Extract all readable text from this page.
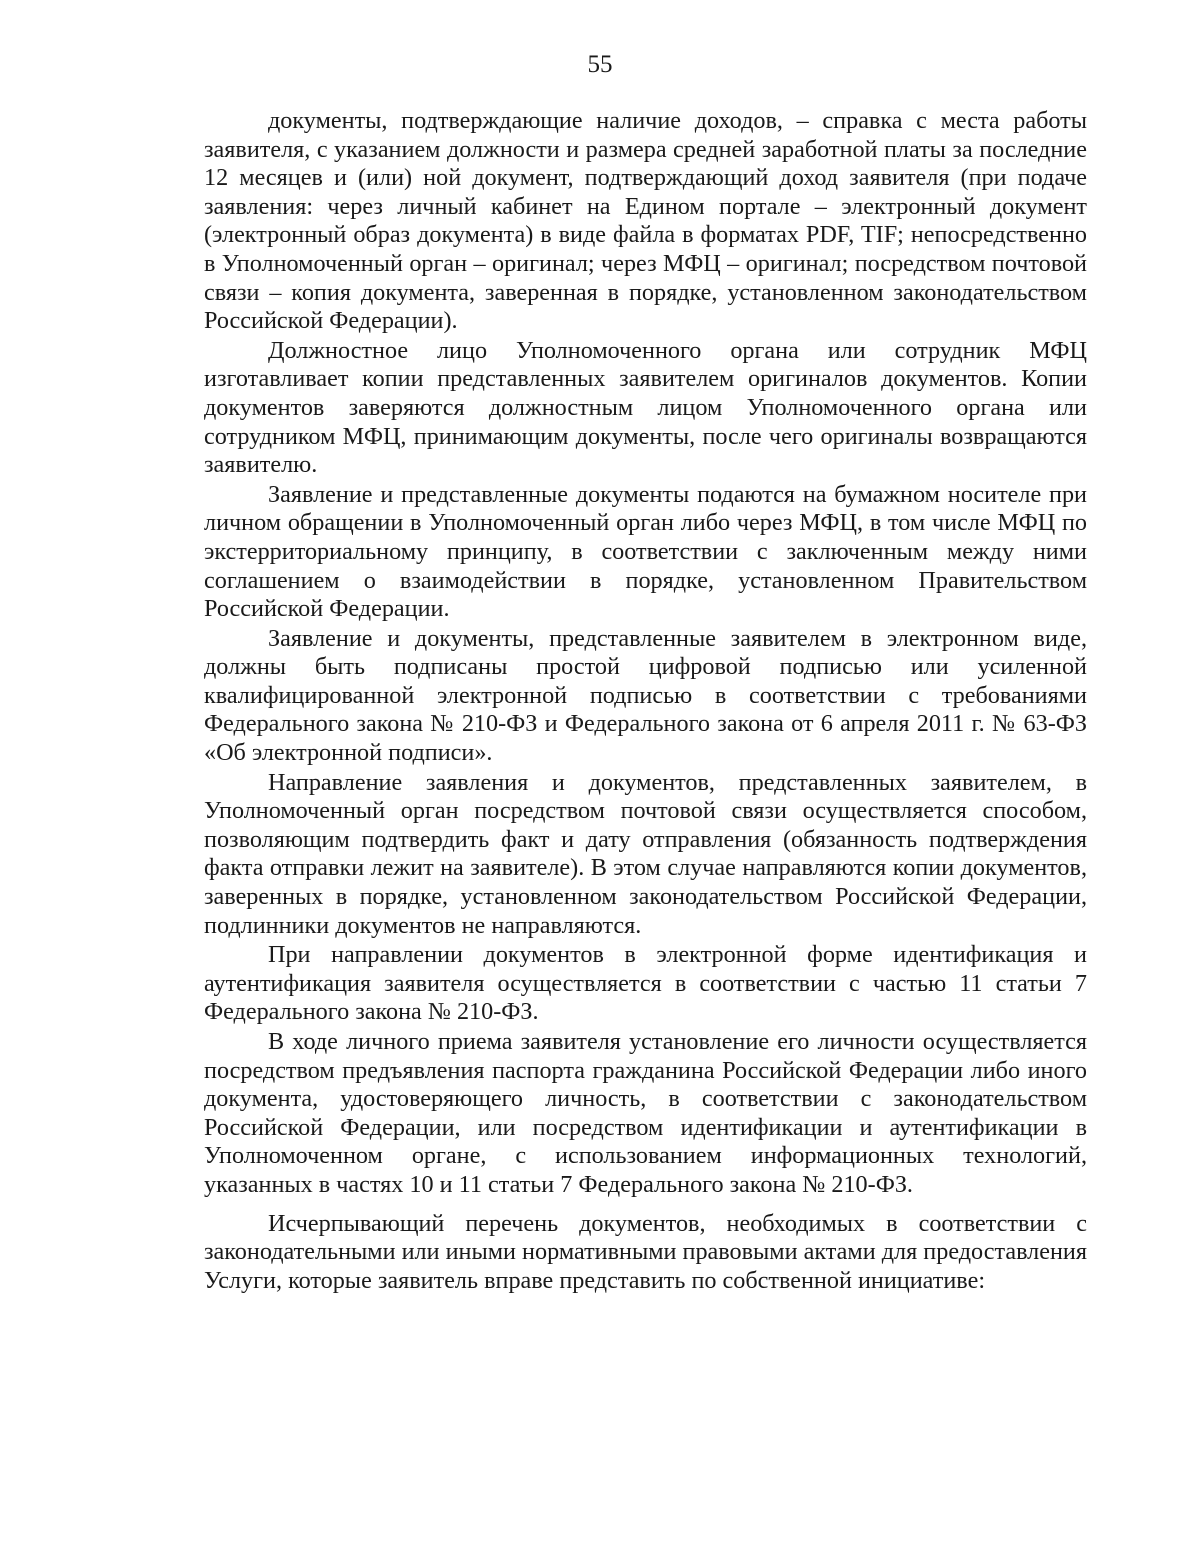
55

документы, подтверждающие наличие доходов, – справка с места работы заявителя, с указанием должности и размера средней заработной платы за последние 12 месяцев и (или) ной документ, подтверждающий доход заявителя (при подаче заявления: через личный кабинет на Едином портале – электронный документ (электронный образ документа) в виде файла в форматах PDF, TIF; непосредственно в Уполномоченный орган – оригинал; через МФЦ – оригинал; посредством почтовой связи – копия документа, заверенная в порядке, установленном законодательством Российской Федерации).

Должностное лицо Уполномоченного органа или сотрудник МФЦ изготавливает копии представленных заявителем оригиналов документов. Копии документов заверяются должностным лицом Уполномоченного органа или сотрудником МФЦ, принимающим документы, после чего оригиналы возвращаются заявителю.

Заявление и представленные документы подаются на бумажном носителе при личном обращении в Уполномоченный орган либо через МФЦ, в том числе МФЦ по экстерриториальному принципу, в соответствии с заключенным между ними соглашением о взаимодействии в порядке, установленном Правительством Российской Федерации.

Заявление и документы, представленные заявителем в электронном виде, должны быть подписаны простой цифровой подписью или усиленной квалифицированной электронной подписью в соответствии с требованиями Федерального закона № 210-ФЗ и Федерального закона от 6 апреля 2011 г. № 63-ФЗ «Об электронной подписи».

Направление заявления и документов, представленных заявителем, в Уполномоченный орган посредством почтовой связи осуществляется способом, позволяющим подтвердить факт и дату отправления (обязанность подтверждения факта отправки лежит на заявителе). В этом случае направляются копии документов, заверенных в порядке, установленном законодательством Российской Федерации, подлинники документов не направляются.

При направлении документов в электронной форме идентификация и аутентификация заявителя осуществляется в соответствии с частью 11 статьи 7 Федерального закона № 210-ФЗ.

В ходе личного приема заявителя установление его личности осуществляется посредством предъявления паспорта гражданина Российской Федерации либо иного документа, удостоверяющего личность, в соответствии с законодательством Российской Федерации, или посредством идентификации и аутентификации в Уполномоченном органе, с использованием информационных технологий, указанных в частях 10 и 11 статьи 7 Федерального закона № 210-ФЗ.

Исчерпывающий перечень документов, необходимых в соответствии с законодательными или иными нормативными правовыми актами для предоставления Услуги, которые заявитель вправе представить по собственной инициативе:
